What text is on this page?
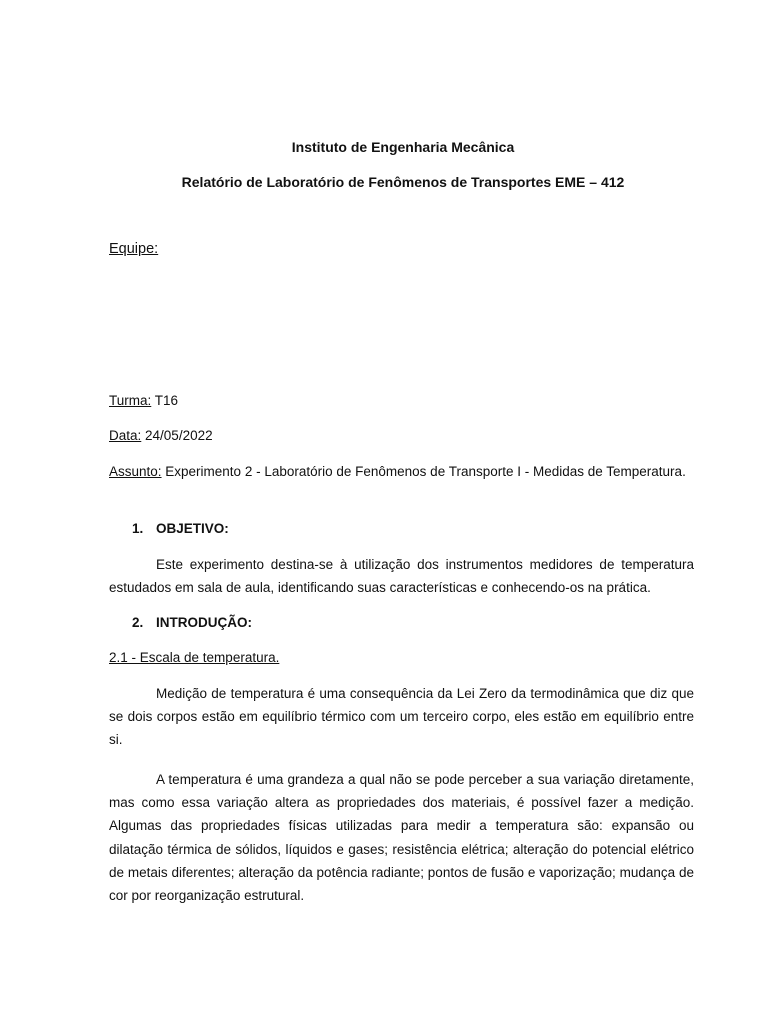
Instituto de Engenharia Mecânica
Relatório de Laboratório de Fenômenos de Transportes EME – 412
Equipe:
Turma: T16
Data: 24/05/2022
Assunto: Experimento 2 - Laboratório de Fenômenos de Transporte I - Medidas de Temperatura.
1. OBJETIVO:
Este experimento destina-se à utilização dos instrumentos medidores de temperatura estudados em sala de aula, identificando suas características e conhecendo-os na prática.
2. INTRODUÇÃO:
2.1 - Escala de temperatura.
Medição de temperatura é uma consequência da Lei Zero da termodinâmica que diz que se dois corpos estão em equilíbrio térmico com um terceiro corpo, eles estão em equilíbrio entre si.
A temperatura é uma grandeza a qual não se pode perceber a sua variação diretamente, mas como essa variação altera as propriedades dos materiais, é possível fazer a medição. Algumas das propriedades físicas utilizadas para medir a temperatura são: expansão ou dilatação térmica de sólidos, líquidos e gases; resistência elétrica; alteração do potencial elétrico de metais diferentes; alteração da potência radiante; pontos de fusão e vaporização; mudança de cor por reorganização estrutural.
